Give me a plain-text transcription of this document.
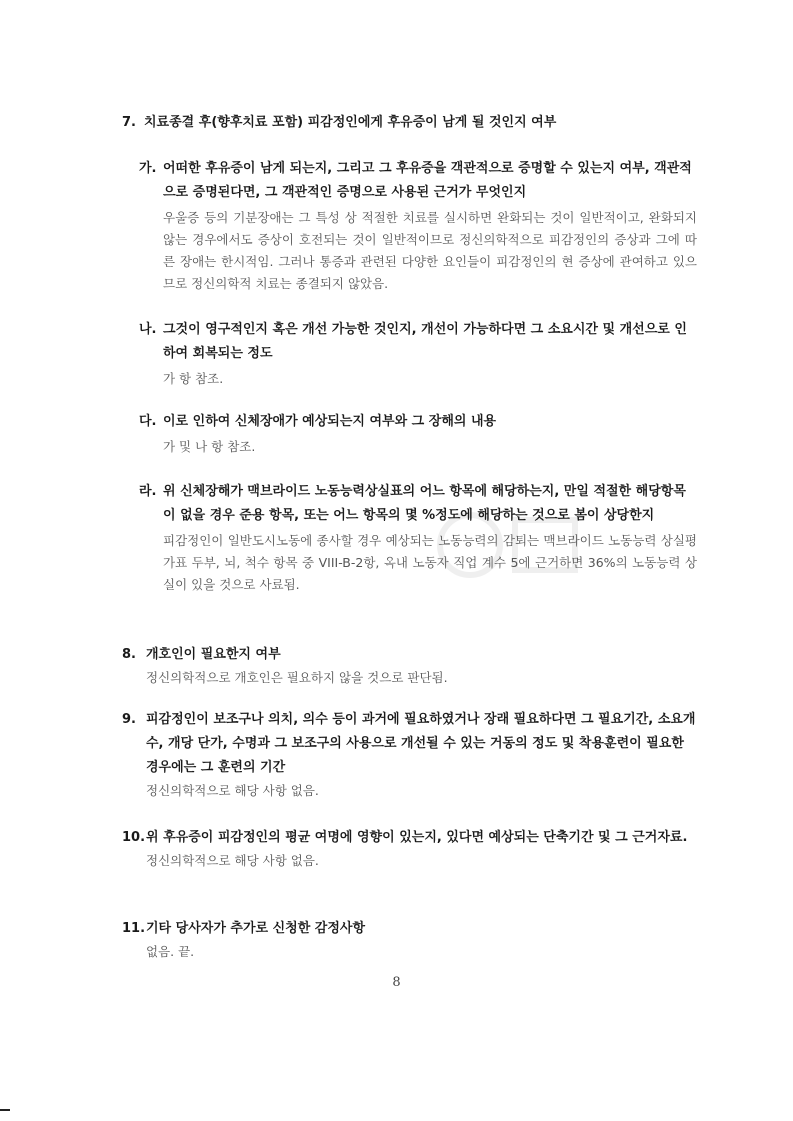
7. 치료종결 후(향후치료 포함) 피감정인에게 후유증이 남게 될 것인지 여부

가. 어떠한 후유증이 남게 되는지, 그리고 그 후유증을 객관적으로 증명할 수 있는지 여부, 객관적으로 증명된다면, 그 객관적인 증명으로 사용된 근거가 무엇인지

우울증 등의 기분장애는 그 특성 상 적절한 치료를 실시하면 완화되는 것이 일반적이고, 완화되지 않는 경우에서도 증상이 호전되는 것이 일반적이므로 정신의학적으로 피감정인의 증상과 그에 따른 장애는 한시적임. 그러나 통증과 관련된 다양한 요인들이 피감정인의 현 증상에 관여하고 있으므로 정신의학적 치료는 종결되지 않았음.

나. 그것이 영구적인지 혹은 개선 가능한 것인지, 개선이 가능하다면 그 소요시간 및 개선으로 인하여 회복되는 정도

가 항 참조.

다. 이로 인하여 신체장애가 예상되는지 여부와 그 장해의 내용

가 및 나 항 참조.

라. 위 신체장해가 맥브라이드 노동능력상실표의 어느 항목에 해당하는지, 만일 적절한 해당항목이 없을 경우 준용 항목, 또는 어느 항목의 몇 %정도에 해당하는 것으로 봄이 상당한지

피감정인이 일반도시노동에 종사할 경우 예상되는 노동능력의 감퇴는 맥브라이드 노동능력 상실평가표 두부, 뇌, 척수 항목 중 VIII-B-2항, 옥내 노동자 직업 계수 5에 근거하면 36%의 노동능력 상실이 있을 것으로 사료됨.

8. 개호인이 필요한지 여부

정신의학적으로 개호인은 필요하지 않을 것으로 판단됨.

9. 피감정인이 보조구나 의치, 의수 등이 과거에 필요하였거나 장래 필요하다면 그 필요기간, 소요개수, 개당 단가, 수명과 그 보조구의 사용으로 개선될 수 있는 거동의 정도 및 착용훈련이 필요한 경우에는 그 훈련의 기간

정신의학적으로 해당 사항 없음.

10. 위 후유증이 피감정인의 평균 여명에 영향이 있는지, 있다면 예상되는 단축기간 및 그 근거자료.

정신의학적으로 해당 사항 없음.

11. 기타 당사자가 추가로 신청한 감정사항

없음. 끝.

8
